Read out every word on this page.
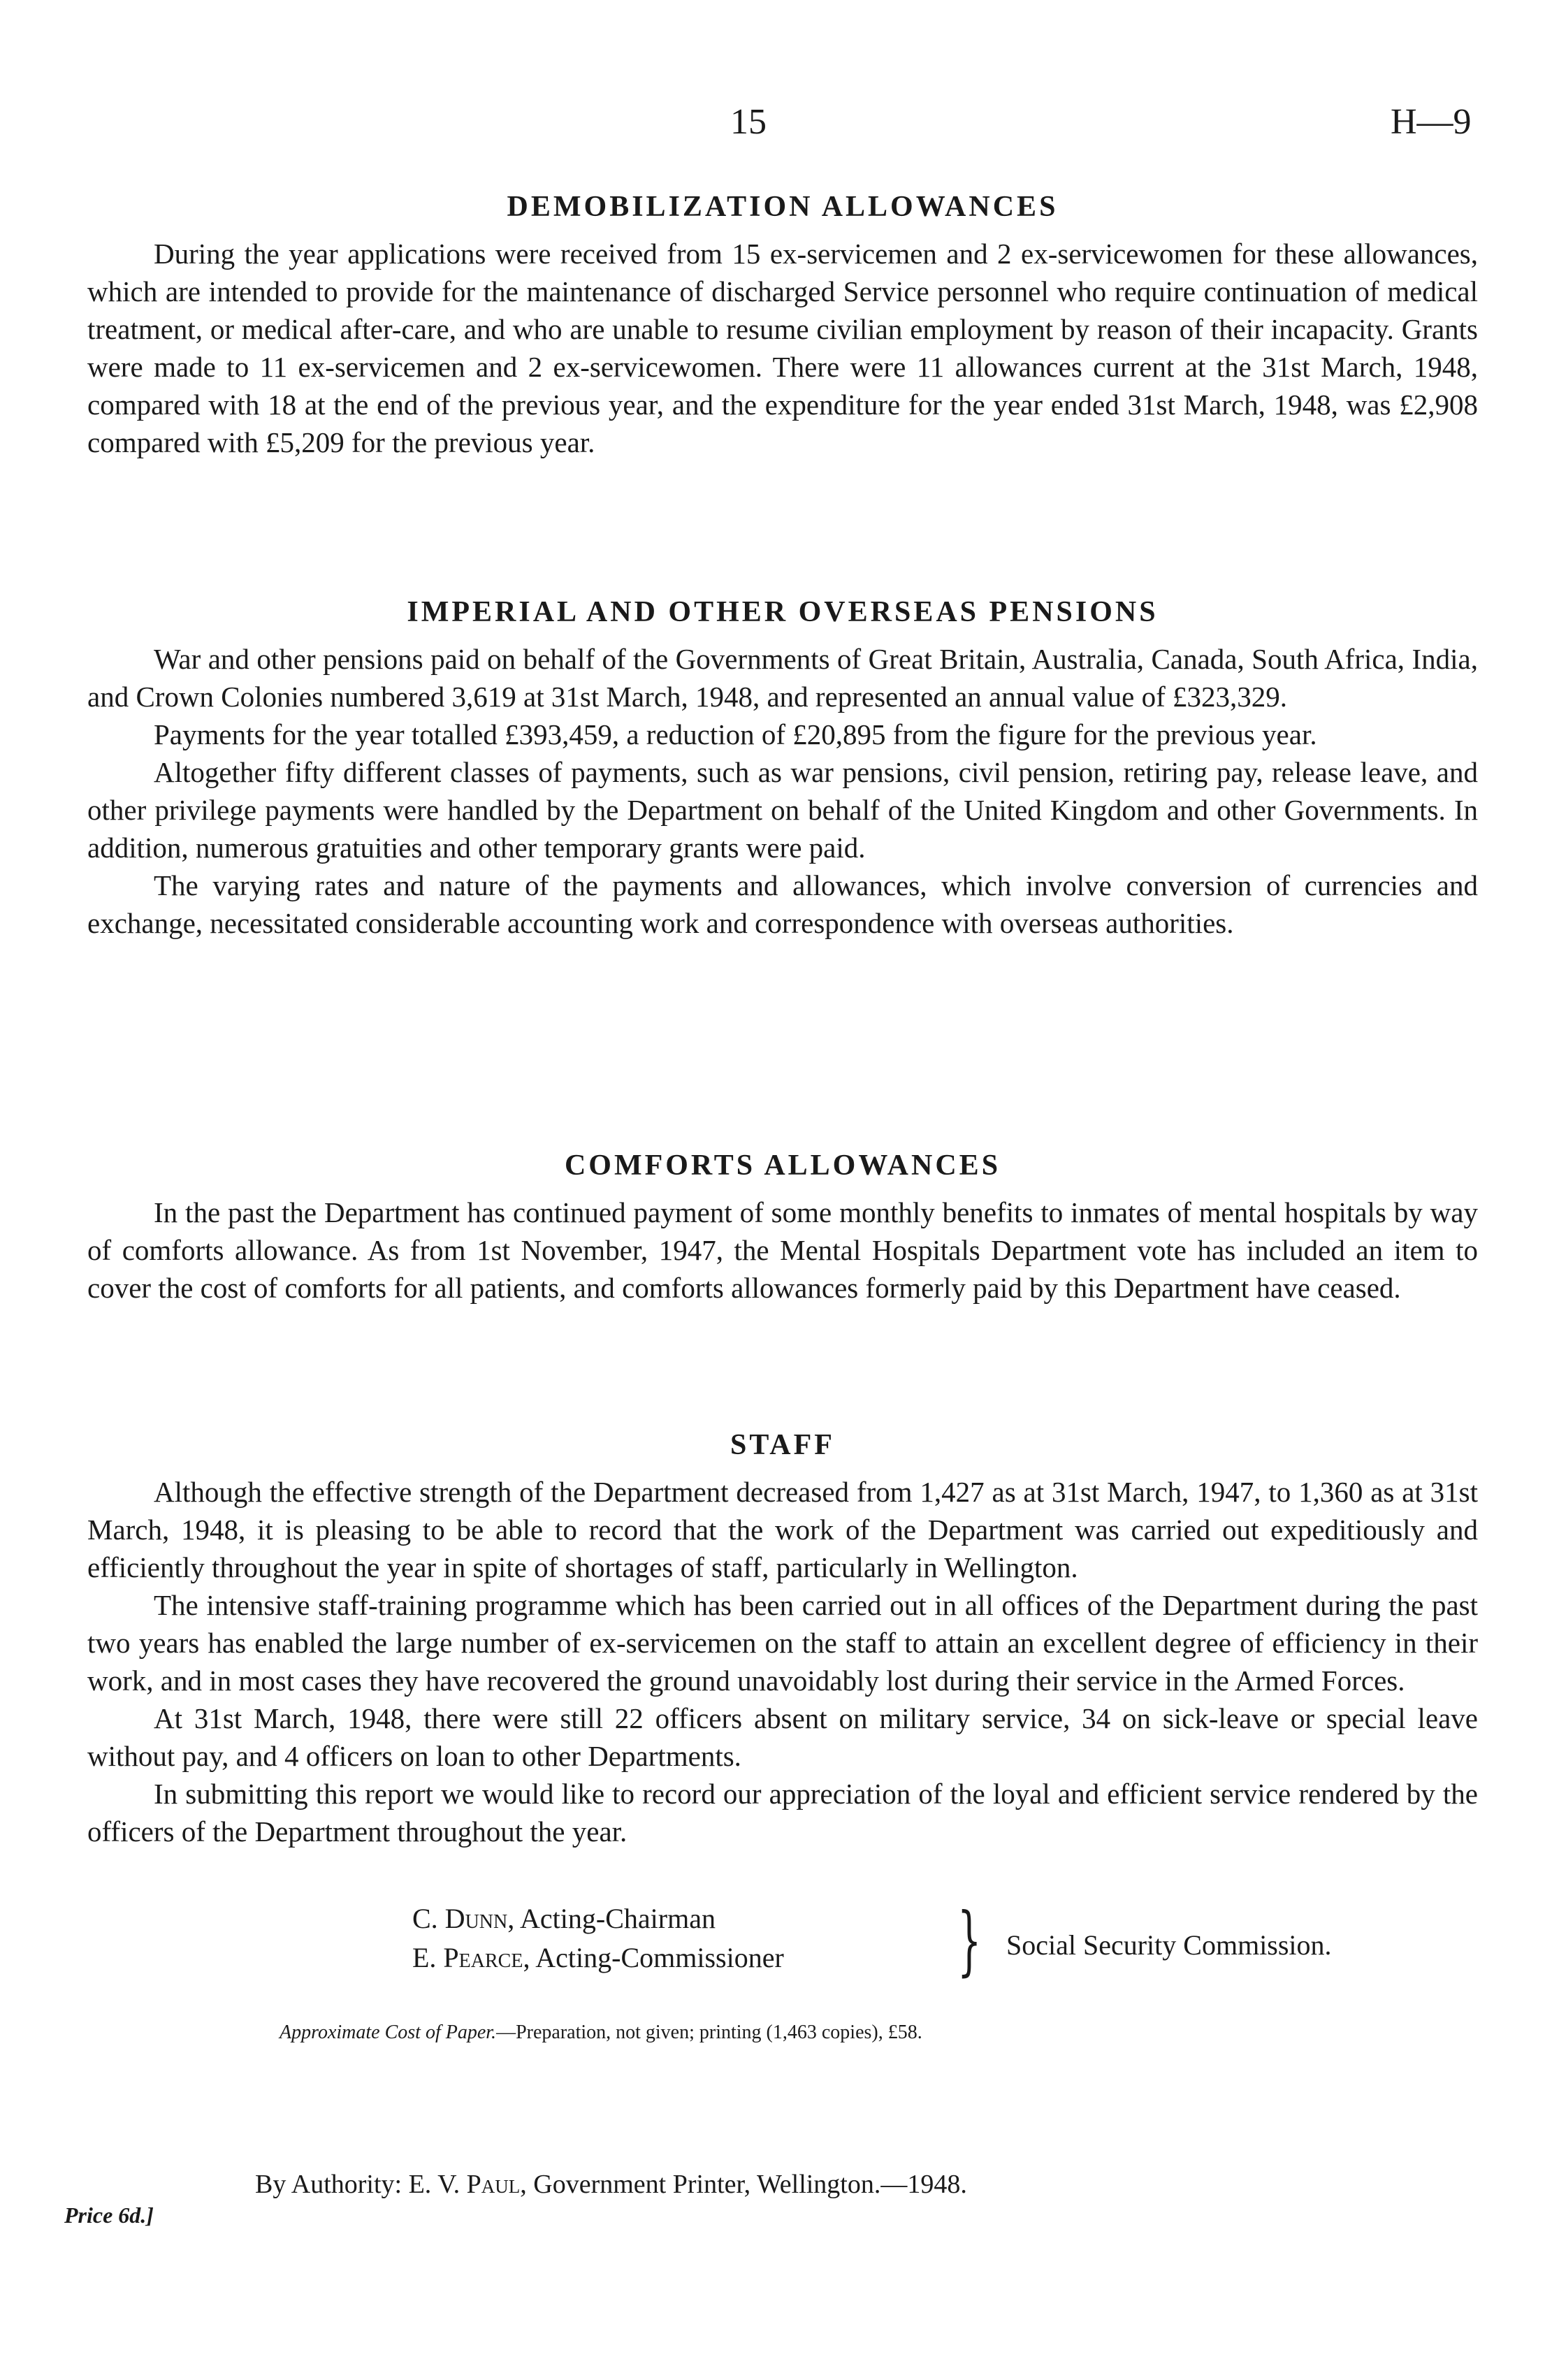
15	H—9
DEMOBILIZATION ALLOWANCES

During the year applications were received from 15 ex-servicemen and 2 ex-servicewomen for these allowances, which are intended to provide for the maintenance of discharged Service personnel who require continuation of medical treatment, or medical after-care, and who are unable to resume civilian employment by reason of their incapacity. Grants were made to 11 ex-servicemen and 2 ex-servicewomen. There were 11 allowances current at the 31st March, 1948, compared with 18 at the end of the previous year, and the expenditure for the year ended 31st March, 1948, was £2,908 compared with £5,209 for the previous year.

IMPERIAL AND OTHER OVERSEAS PENSIONS

War and other pensions paid on behalf of the Governments of Great Britain, Australia, Canada, South Africa, India, and Crown Colonies numbered 3,619 at 31st March, 1948, and represented an annual value of £323,329.

Payments for the year totalled £393,459, a reduction of £20,895 from the figure for the previous year.

Altogether fifty different classes of payments, such as war pensions, civil pension, retiring pay, release leave, and other privilege payments were handled by the Department on behalf of the United Kingdom and other Governments. In addition, numerous gratuities and other temporary grants were paid.

The varying rates and nature of the payments and allowances, which involve conversion of currencies and exchange, necessitated considerable accounting work and correspondence with overseas authorities.

COMFORTS ALLOWANCES

In the past the Department has continued payment of some monthly benefits to inmates of mental hospitals by way of comforts allowance. As from 1st November, 1947, the Mental Hospitals Department vote has included an item to cover the cost of comforts for all patients, and comforts allowances formerly paid by this Department have ceased.

STAFF

Although the effective strength of the Department decreased from 1,427 as at 31st March, 1947, to 1,360 as at 31st March, 1948, it is pleasing to be able to record that the work of the Department was carried out expeditiously and efficiently throughout the year in spite of shortages of staff, particularly in Wellington.

The intensive staff-training programme which has been carried out in all offices of the Department during the past two years has enabled the large number of ex-servicemen on the staff to attain an excellent degree of efficiency in their work, and in most cases they have recovered the ground unavoidably lost during their service in the Armed Forces.

At 31st March, 1948, there were still 22 officers absent on military service, 34 on sick-leave or special leave without pay, and 4 officers on loan to other Departments.

In submitting this report we would like to record our appreciation of the loyal and efficient service rendered by the officers of the Department throughout the year.

C. Dunn, Acting-Chairman
E. Pearce, Acting-Commissioner } Social Security Commission.
Approximate Cost of Paper.—Preparation, not given; printing (1,463 copies), £58.
By Authority: E. V. Paul, Government Printer, Wellington.—1948.
Price 6d.]
